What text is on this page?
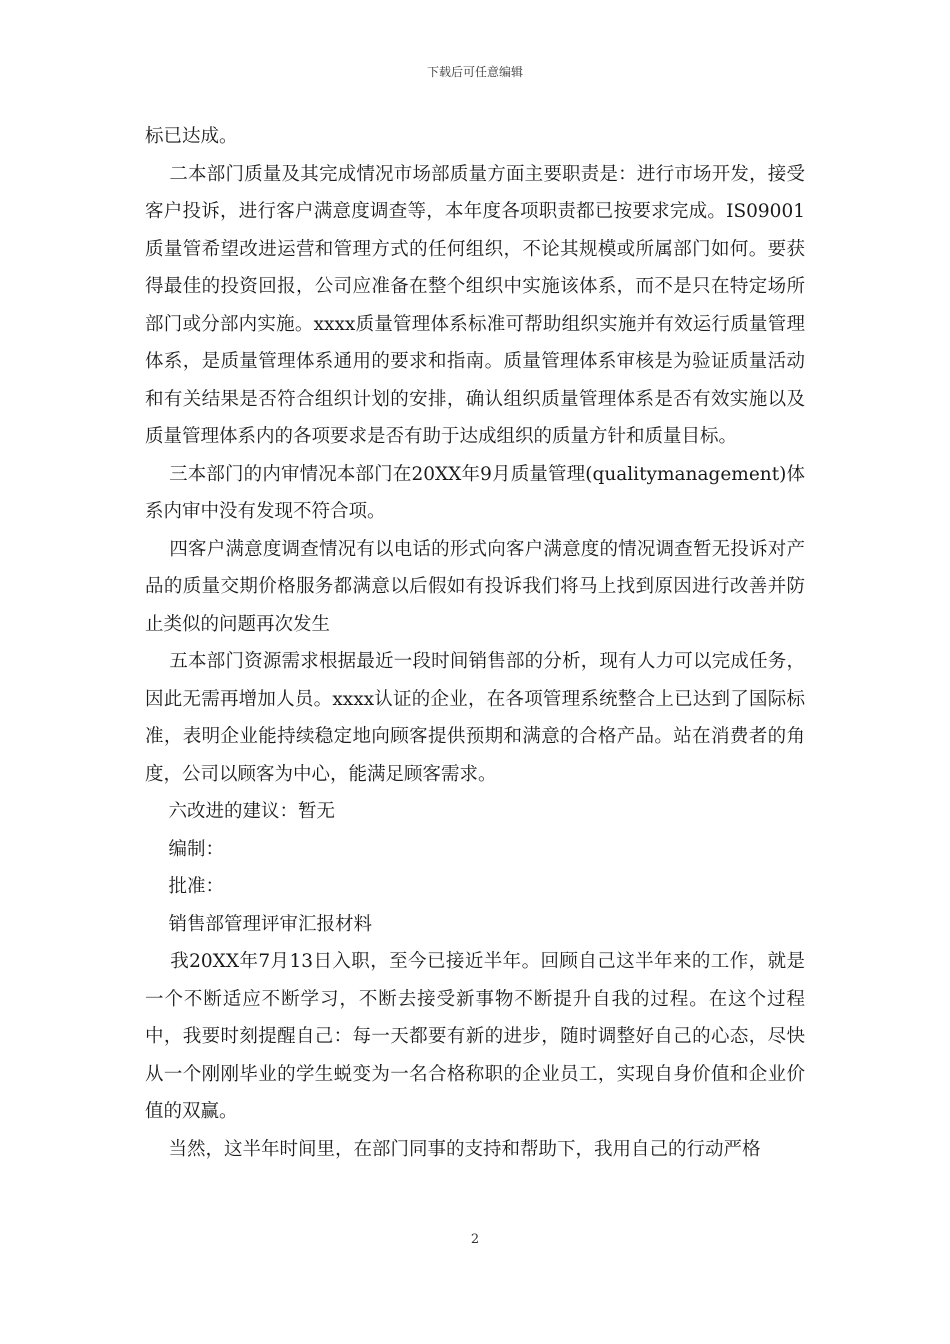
下载后可任意编辑

标已达成。

二本部门质量及其完成情况市场部质量方面主要职责是：进行市场开发，接受客户投诉，进行客户满意度调查等，本年度各项职责都已按要求完成。IS09001质量管希望改进运营和管理方式的任何组织，不论其规模或所属部门如何。要获得最佳的投资回报，公司应准备在整个组织中实施该体系，而不是只在特定场所部门或分部内实施。xxxx质量管理体系标准可帮助组织实施并有效运行质量管理体系，是质量管理体系通用的要求和指南。质量管理体系审核是为验证质量活动和有关结果是否符合组织计划的安排，确认组织质量管理体系是否有效实施以及质量管理体系内的各项要求是否有助于达成组织的质量方针和质量目标。

三本部门的内审情况本部门在20XX年9月质量管理(qualitymanagement)体系内审中没有发现不符合项。

四客户满意度调查情况有以电话的形式向客户满意度的情况调查暂无投诉对产品的质量交期价格服务都满意以后假如有投诉我们将马上找到原因进行改善并防止类似的问题再次发生

五本部门资源需求根据最近一段时间销售部的分析，现有人力可以完成任务，因此无需再增加人员。xxxx认证的企业，在各项管理系统整合上已达到了国际标准，表明企业能持续稳定地向顾客提供预期和满意的合格产品。站在消费者的角度，公司以顾客为中心，能满足顾客需求。

六改进的建议：暂无

编制：

批准：

销售部管理评审汇报材料

我20XX年7月13日入职，至今已接近半年。回顾自己这半年来的工作，就是一个不断适应不断学习，不断去接受新事物不断提升自我的过程。在这个过程中，我要时刻提醒自己：每一天都要有新的进步，随时调整好自己的心态，尽快从一个刚刚毕业的学生蜕变为一名合格称职的企业员工，实现自身价值和企业价值的双赢。

当然，这半年时间里，在部门同事的支持和帮助下，我用自己的行动严格

2
